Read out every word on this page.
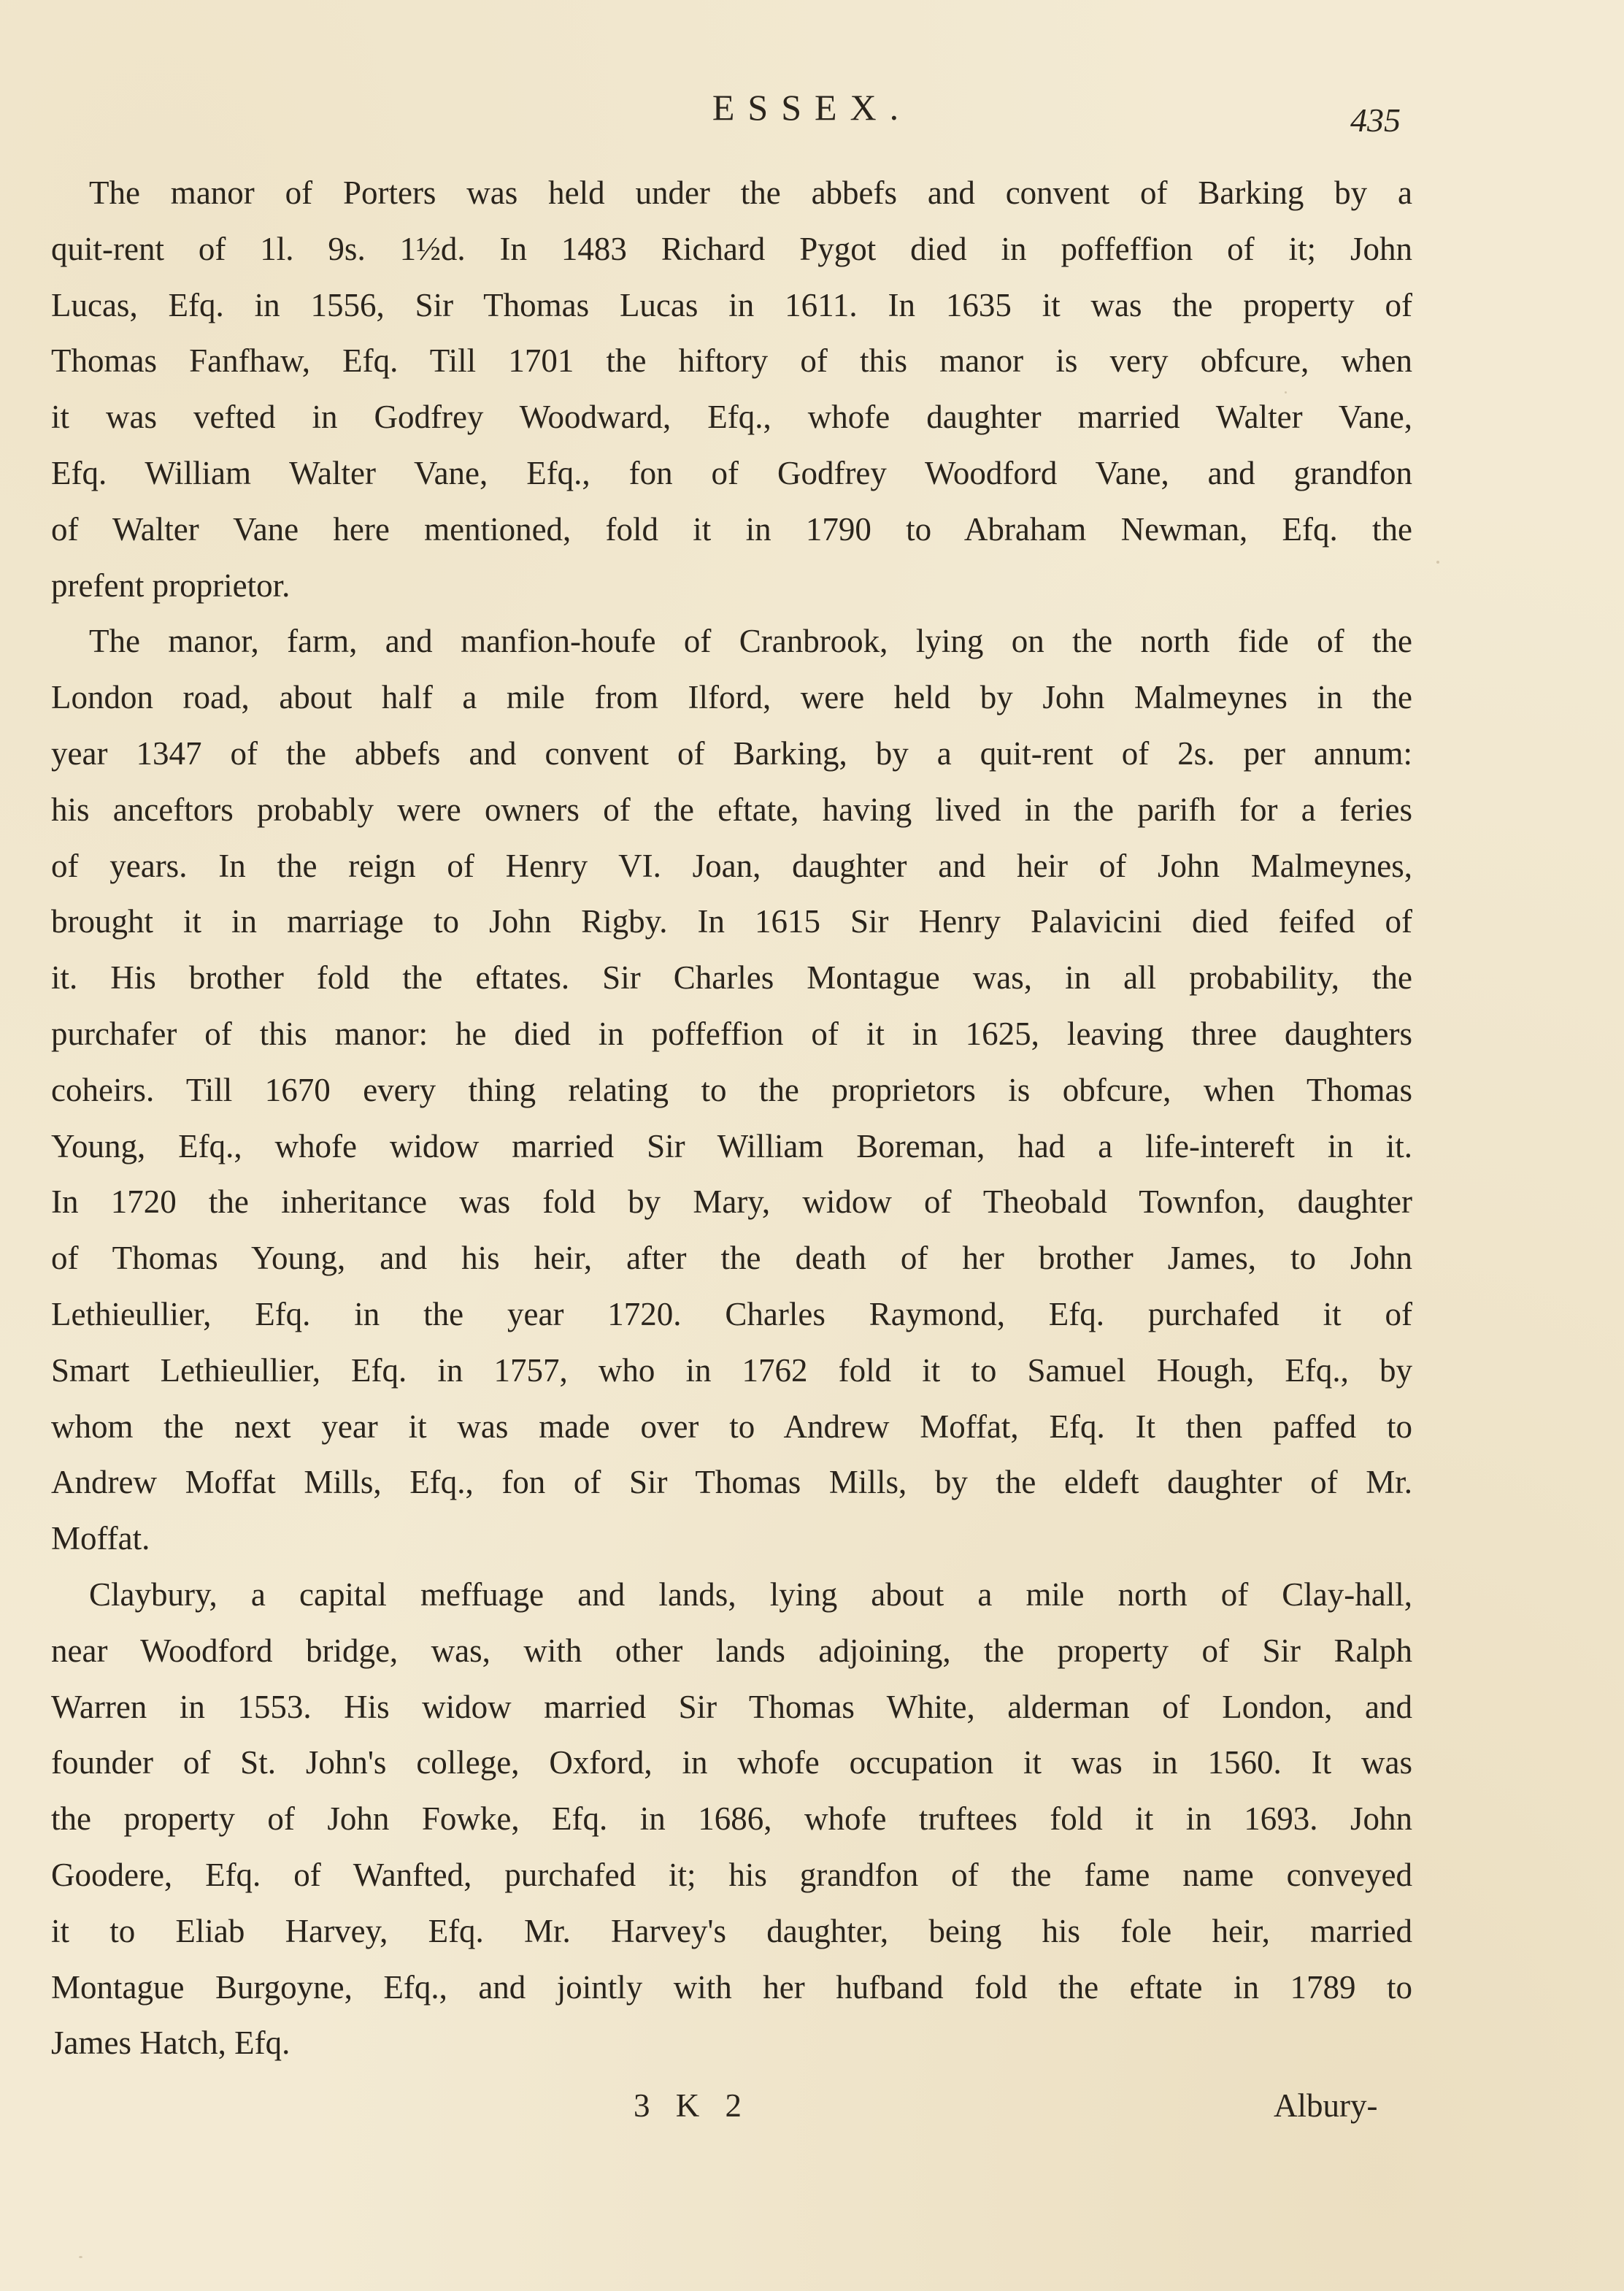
ESSEX.	435
The manor of Porters was held under the abbefs and convent of Barking by a
quit-rent of 1l. 9s. 1½d. In 1483 Richard Pygot died in poffeffion of it; John
Lucas, Efq. in 1556, Sir Thomas Lucas in 1611. In 1635 it was the property of
Thomas Fanfhaw, Efq. Till 1701 the hiftory of this manor is very obfcure, when
it was vefted in Godfrey Woodward, Efq., whofe daughter married Walter Vane,
Efq. William Walter Vane, Efq., fon of Godfrey Woodford Vane, and grandfon
of Walter Vane here mentioned, fold it in 1790 to Abraham Newman, Efq. the
prefent proprietor.
The manor, farm, and manfion-houfe of Cranbrook, lying on the north fide of the
London road, about half a mile from Ilford, were held by John Malmeynes in the
year 1347 of the abbefs and convent of Barking, by a quit-rent of 2s. per annum:
his anceftors probably were owners of the eftate, having lived in the parifh for a feries
of years. In the reign of Henry VI. Joan, daughter and heir of John Malmeynes,
brought it in marriage to John Rigby. In 1615 Sir Henry Palavicini died feifed of
it. His brother fold the eftates. Sir Charles Montague was, in all probability, the
purchafer of this manor: he died in poffeffion of it in 1625, leaving three daughters
coheirs. Till 1670 every thing relating to the proprietors is obfcure, when Thomas
Young, Efq., whofe widow married Sir William Boreman, had a life-intereft in it.
In 1720 the inheritance was fold by Mary, widow of Theobald Townfon, daughter
of Thomas Young, and his heir, after the death of her brother James, to John
Lethieullier, Efq. in the year 1720. Charles Raymond, Efq. purchafed it of
Smart Lethieullier, Efq. in 1757, who in 1762 fold it to Samuel Hough, Efq., by
whom the next year it was made over to Andrew Moffat, Efq. It then paffed to
Andrew Moffat Mills, Efq., fon of Sir Thomas Mills, by the eldeft daughter of Mr.
Moffat.
Claybury, a capital meffuage and lands, lying about a mile north of Clay-hall,
near Woodford bridge, was, with other lands adjoining, the property of Sir Ralph
Warren in 1553. His widow married Sir Thomas White, alderman of London, and
founder of St. John's college, Oxford, in whofe occupation it was in 1560. It was
the property of John Fowke, Efq. in 1686, whofe truftees fold it in 1693. John
Goodere, Efq. of Wanfted, purchafed it; his grandfon of the fame name conveyed
it to Eliab Harvey, Efq. Mr. Harvey's daughter, being his fole heir, married
Montague Burgoyne, Efq., and jointly with her hufband fold the eftate in 1789 to
James Hatch, Efq.
3 K 2	Albury-
